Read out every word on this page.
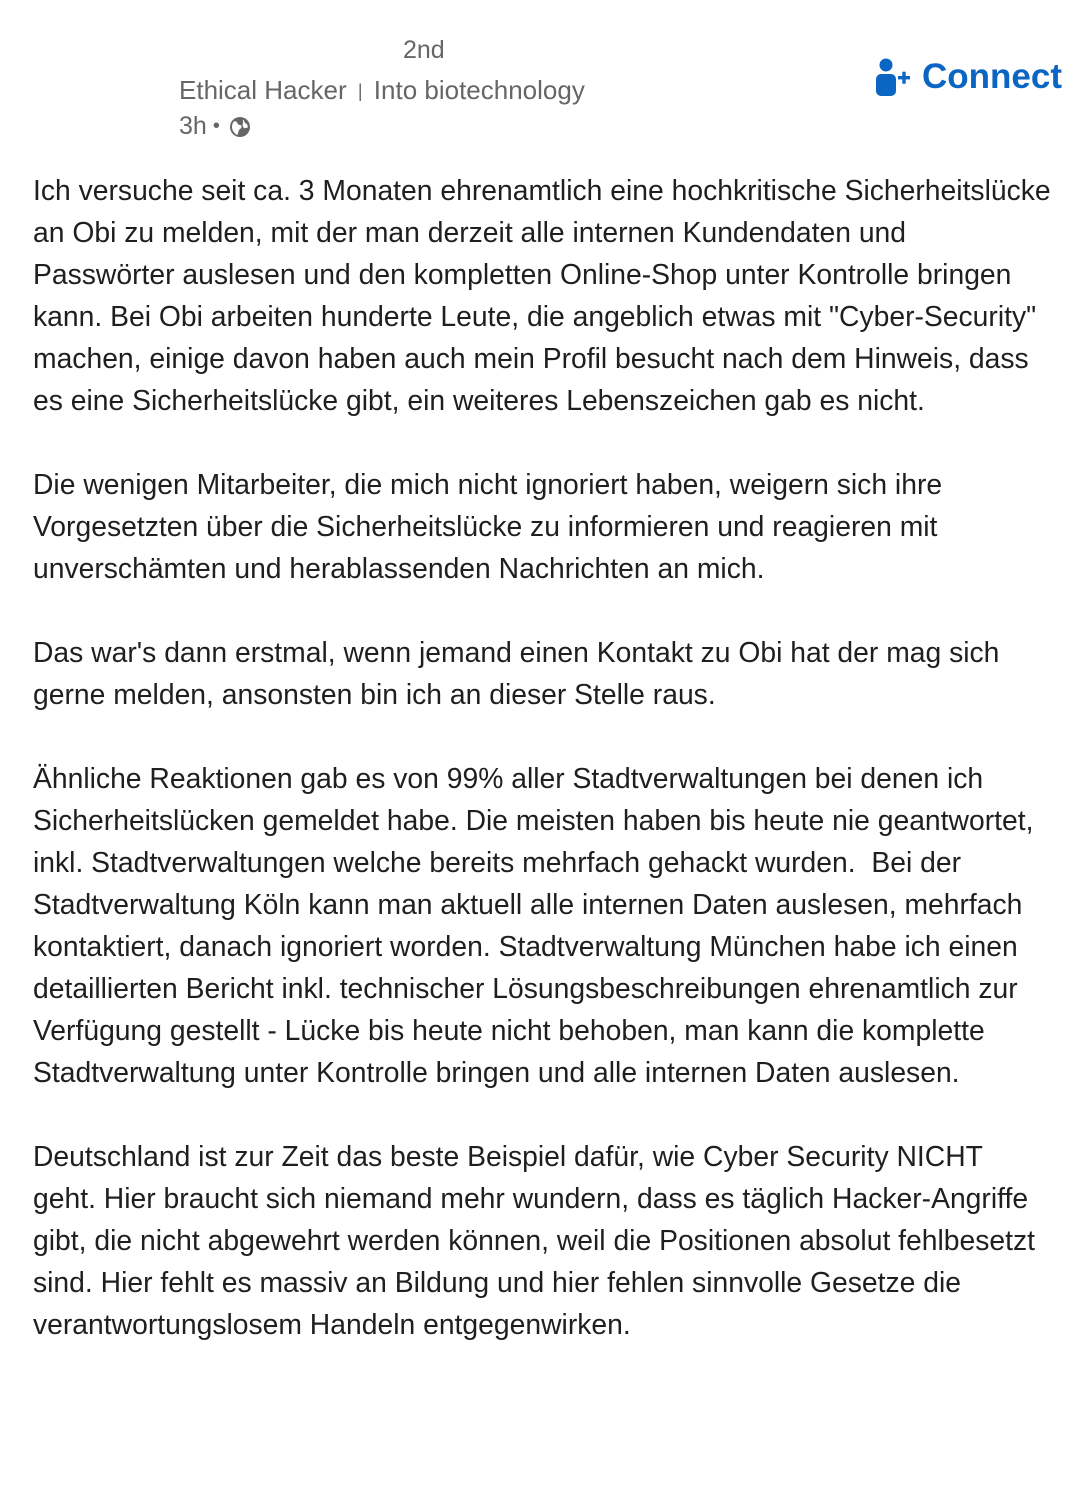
2nd
Ethical Hacker | Into biotechnology
3h •
Connect

Ich versuche seit ca. 3 Monaten ehrenamtlich eine hochkritische Sicherheitslücke an Obi zu melden, mit der man derzeit alle internen Kundendaten und Passwörter auslesen und den kompletten Online-Shop unter Kontrolle bringen kann. Bei Obi arbeiten hunderte Leute, die angeblich etwas mit "Cyber-Security" machen, einige davon haben auch mein Profil besucht nach dem Hinweis, dass es eine Sicherheitslücke gibt, ein weiteres Lebenszeichen gab es nicht.

Die wenigen Mitarbeiter, die mich nicht ignoriert haben, weigern sich ihre Vorgesetzten über die Sicherheitslücke zu informieren und reagieren mit unverschämten und herablassenden Nachrichten an mich.

Das war's dann erstmal, wenn jemand einen Kontakt zu Obi hat der mag sich gerne melden, ansonsten bin ich an dieser Stelle raus.

Ähnliche Reaktionen gab es von 99% aller Stadtverwaltungen bei denen ich Sicherheitslücken gemeldet habe. Die meisten haben bis heute nie geantwortet, inkl. Stadtverwaltungen welche bereits mehrfach gehackt wurden.  Bei der Stadtverwaltung Köln kann man aktuell alle internen Daten auslesen, mehrfach kontaktiert, danach ignoriert worden. Stadtverwaltung München habe ich einen detaillierten Bericht inkl. technischer Lösungsbeschreibungen ehrenamtlich zur Verfügung gestellt - Lücke bis heute nicht behoben, man kann die komplette Stadtverwaltung unter Kontrolle bringen und alle internen Daten auslesen.

Deutschland ist zur Zeit das beste Beispiel dafür, wie Cyber Security NICHT geht. Hier braucht sich niemand mehr wundern, dass es täglich Hacker-Angriffe gibt, die nicht abgewehrt werden können, weil die Positionen absolut fehlbesetzt sind. Hier fehlt es massiv an Bildung und hier fehlen sinnvolle Gesetze die verantwortungslosem Handeln entgegenwirken.
